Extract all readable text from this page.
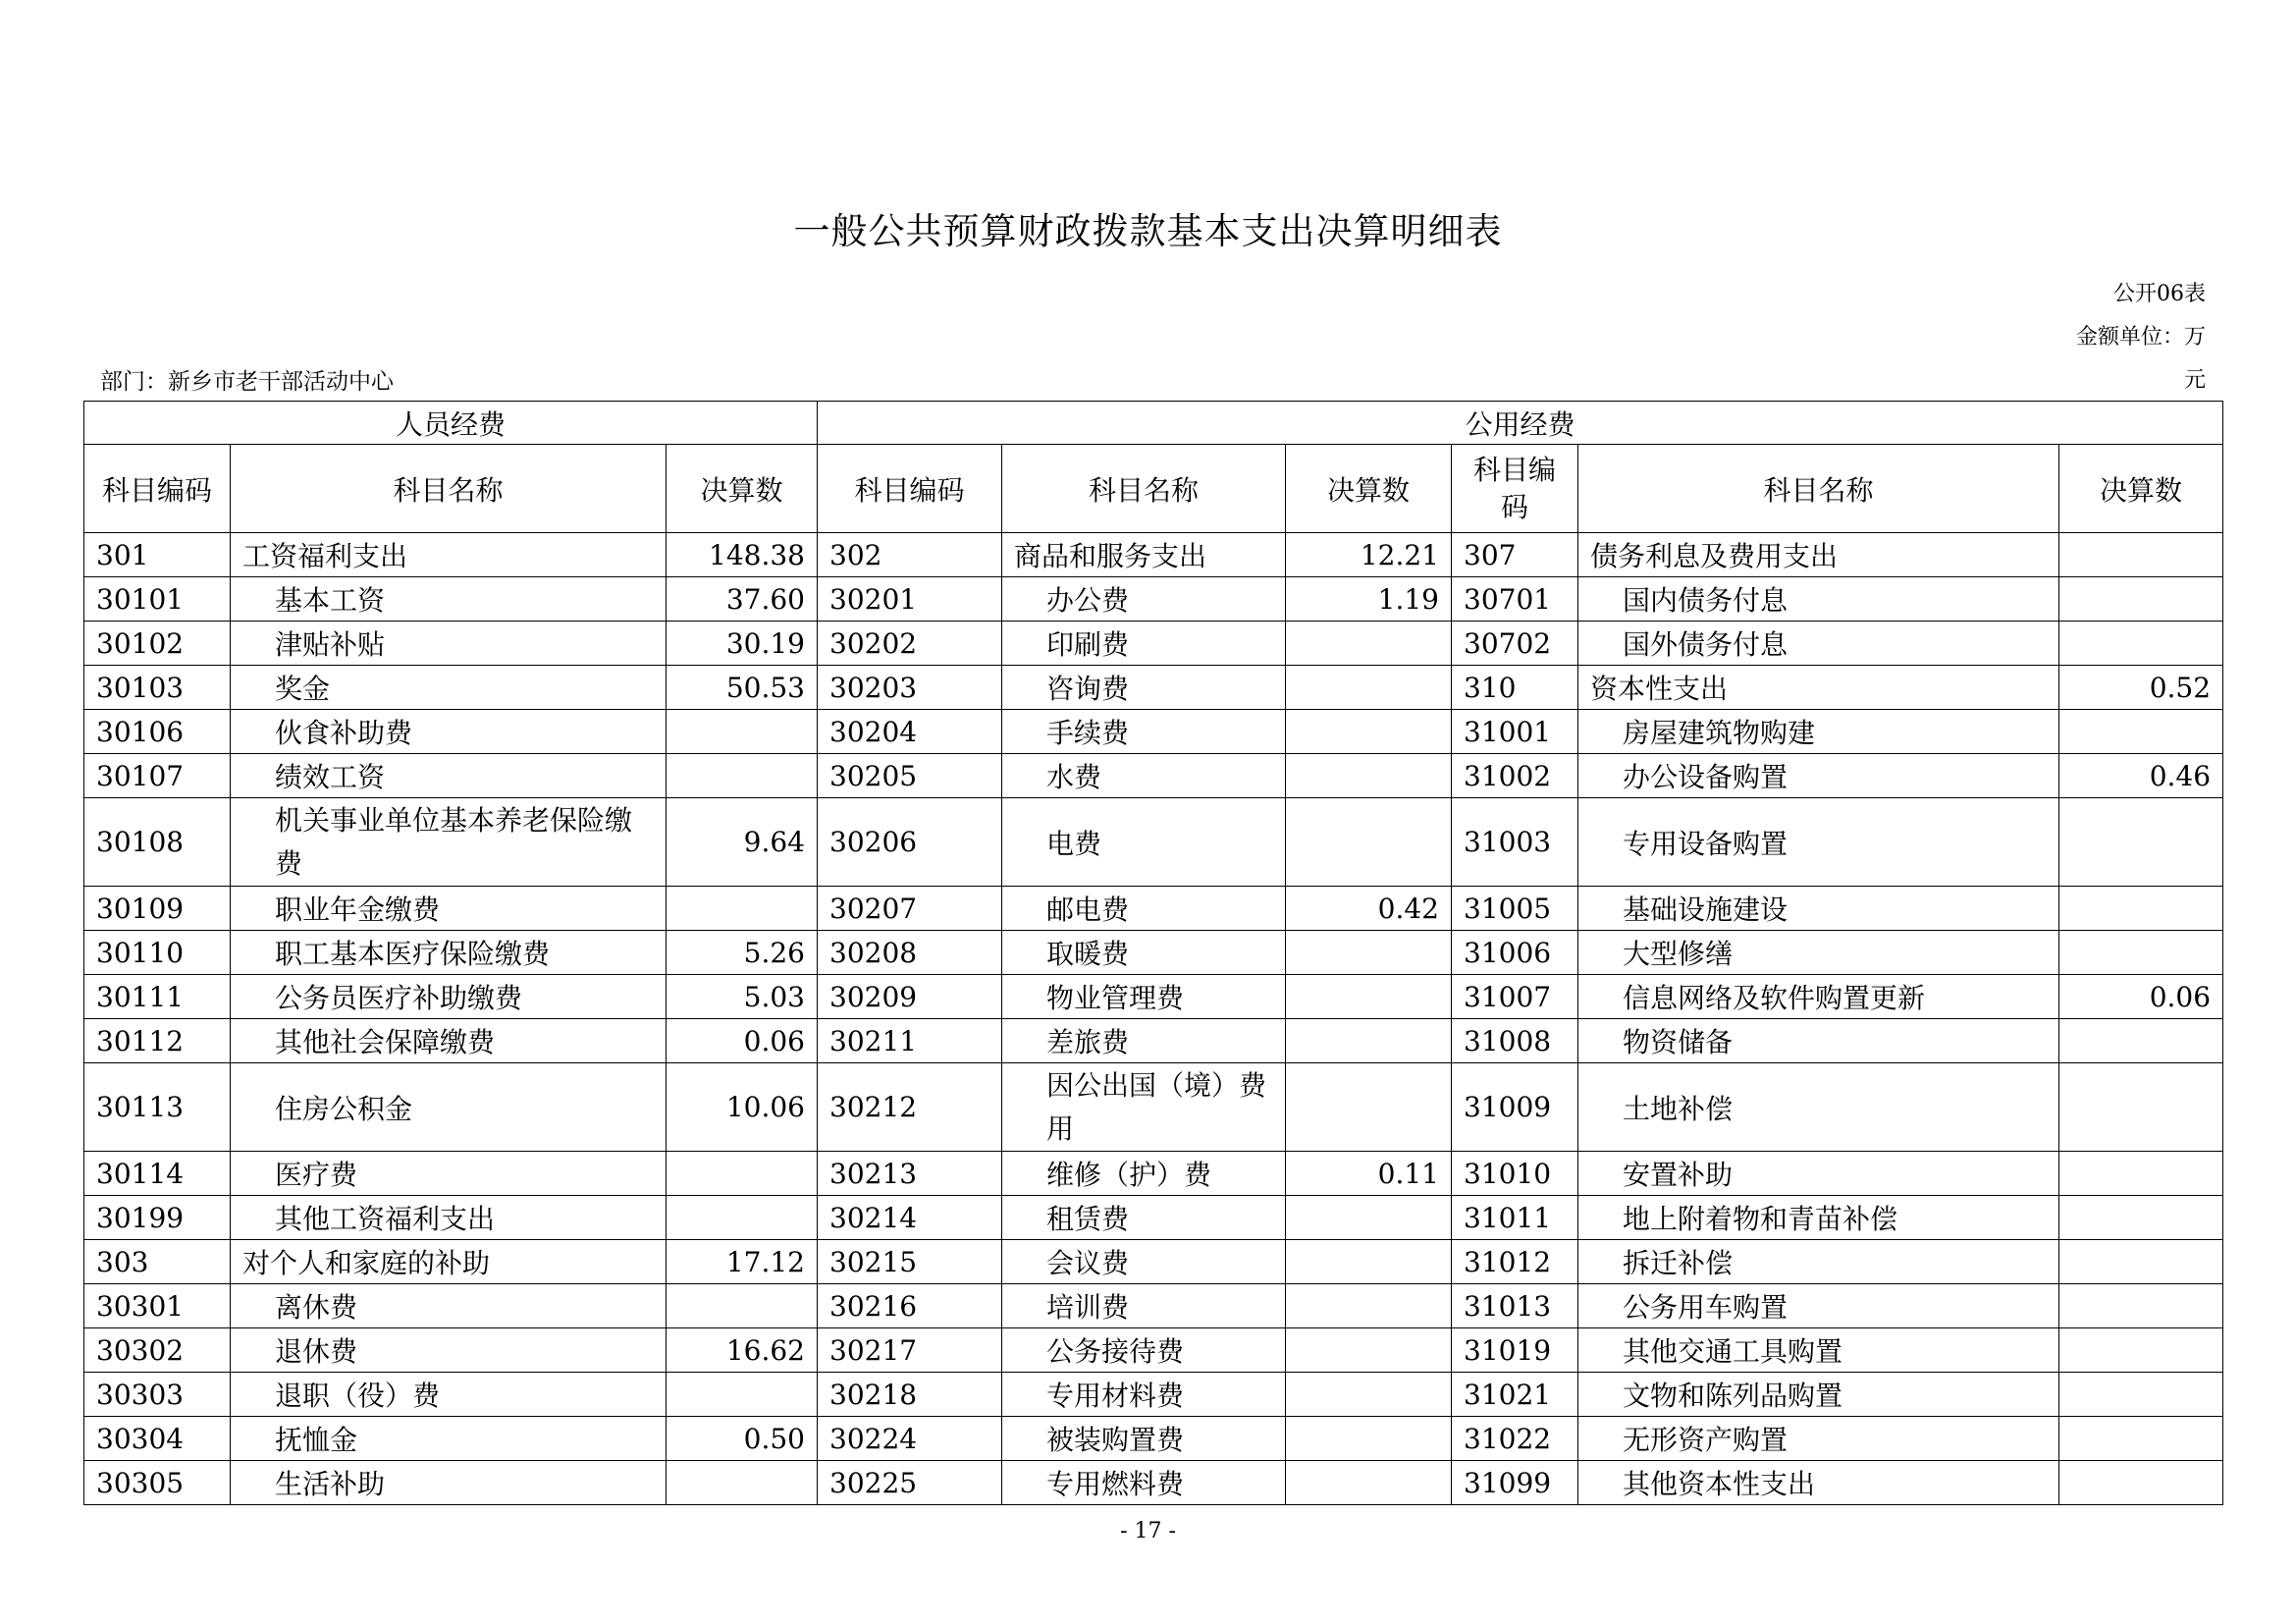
一般公共预算财政拨款基本支出决算明细表
公开06表
金额单位：万
元
部门：新乡市老干部活动中心
人员经费			公用经费					
科目编码	科目名称	决算数	科目编码	科目名称	决算数	科目编码	科目名称	决算数
301	工资福利支出	148.38	302	商品和服务支出	12.21	307	债务利息及费用支出	
30101	基本工资	37.60	30201	办公费	1.19	30701	国内债务付息	
30102	津贴补贴	30.19	30202	印刷费		30702	国外债务付息	
30103	奖金	50.53	30203	咨询费		310	资本性支出	0.52
30106	伙食补助费		30204	手续费		31001	房屋建筑物购建	
30107	绩效工资		30205	水费		31002	办公设备购置	0.46
30108	机关事业单位基本养老保险缴费	9.64	30206	电费		31003	专用设备购置	
30109	职业年金缴费		30207	邮电费	0.42	31005	基础设施建设	
30110	职工基本医疗保险缴费	5.26	30208	取暖费		31006	大型修缮	
30111	公务员医疗补助缴费	5.03	30209	物业管理费		31007	信息网络及软件购置更新	0.06
30112	其他社会保障缴费	0.06	30211	差旅费		31008	物资储备	
30113	住房公积金	10.06	30212	因公出国（境）费用		31009	土地补偿	
30114	医疗费		30213	维修（护）费	0.11	31010	安置补助	
30199	其他工资福利支出		30214	租赁费		31011	地上附着物和青苗补偿	
303	对个人和家庭的补助	17.12	30215	会议费		31012	拆迁补偿	
30301	离休费		30216	培训费		31013	公务用车购置	
30302	退休费	16.62	30217	公务接待费		31019	其他交通工具购置	
30303	退职（役）费		30218	专用材料费		31021	文物和陈列品购置	
30304	抚恤金	0.50	30224	被装购置费		31022	无形资产购置	
30305	生活补助		30225	专用燃料费		31099	其他资本性支出	
- 17 -
